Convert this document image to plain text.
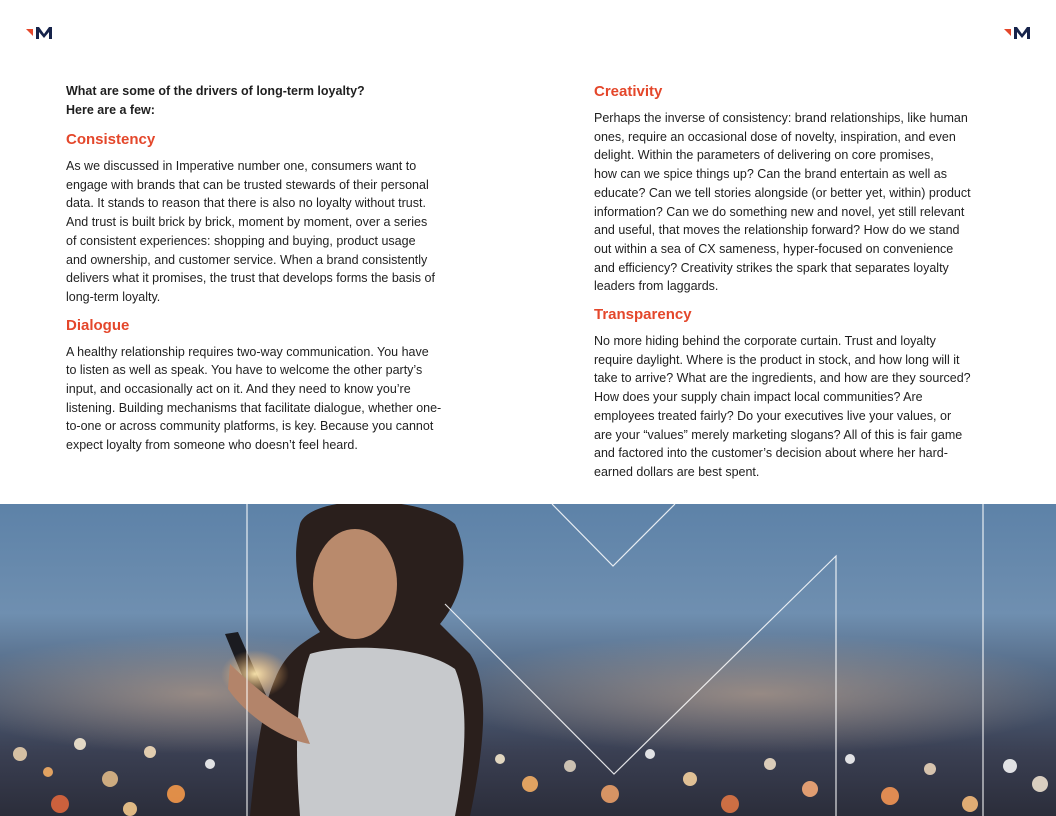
What are some of the drivers of long-term loyalty?
Here are a few:
Consistency
As we discussed in Imperative number one, consumers want to
engage with brands that can be trusted stewards of their personal
data. It stands to reason that there is also no loyalty without trust.
And trust is built brick by brick, moment by moment, over a series
of consistent experiences: shopping and buying, product usage
and ownership, and customer service. When a brand consistently
delivers what it promises, the trust that develops forms the basis of
long-term loyalty.
Dialogue
A healthy relationship requires two-way communication. You have
to listen as well as speak. You have to welcome the other party’s
input, and occasionally act on it. And they need to know you’re
listening. Building mechanisms that facilitate dialogue, whether one-
to-one or across community platforms, is key. Because you cannot
expect loyalty from someone who doesn’t feel heard.
Creativity
Perhaps the inverse of consistency: brand relationships, like human
ones, require an occasional dose of novelty, inspiration, and even
delight. Within the parameters of delivering on core promises,
how can we spice things up? Can the brand entertain as well as
educate? Can we tell stories alongside (or better yet, within) product
information? Can we do something new and novel, yet still relevant
and useful, that moves the relationship forward? How do we stand
out within a sea of CX sameness, hyper-focused on convenience
and efficiency? Creativity strikes the spark that separates loyalty
leaders from laggards.
Transparency
No more hiding behind the corporate curtain. Trust and loyalty
require daylight. Where is the product in stock, and how long will it
take to arrive? What are the ingredients, and how are they sourced?
How does your supply chain impact local communities? Are
employees treated fairly? Do your executives live your values, or
are your “values” merely marketing slogans? All of this is fair game
and factored into the customer’s decision about where her hard-
earned dollars are best spent.
